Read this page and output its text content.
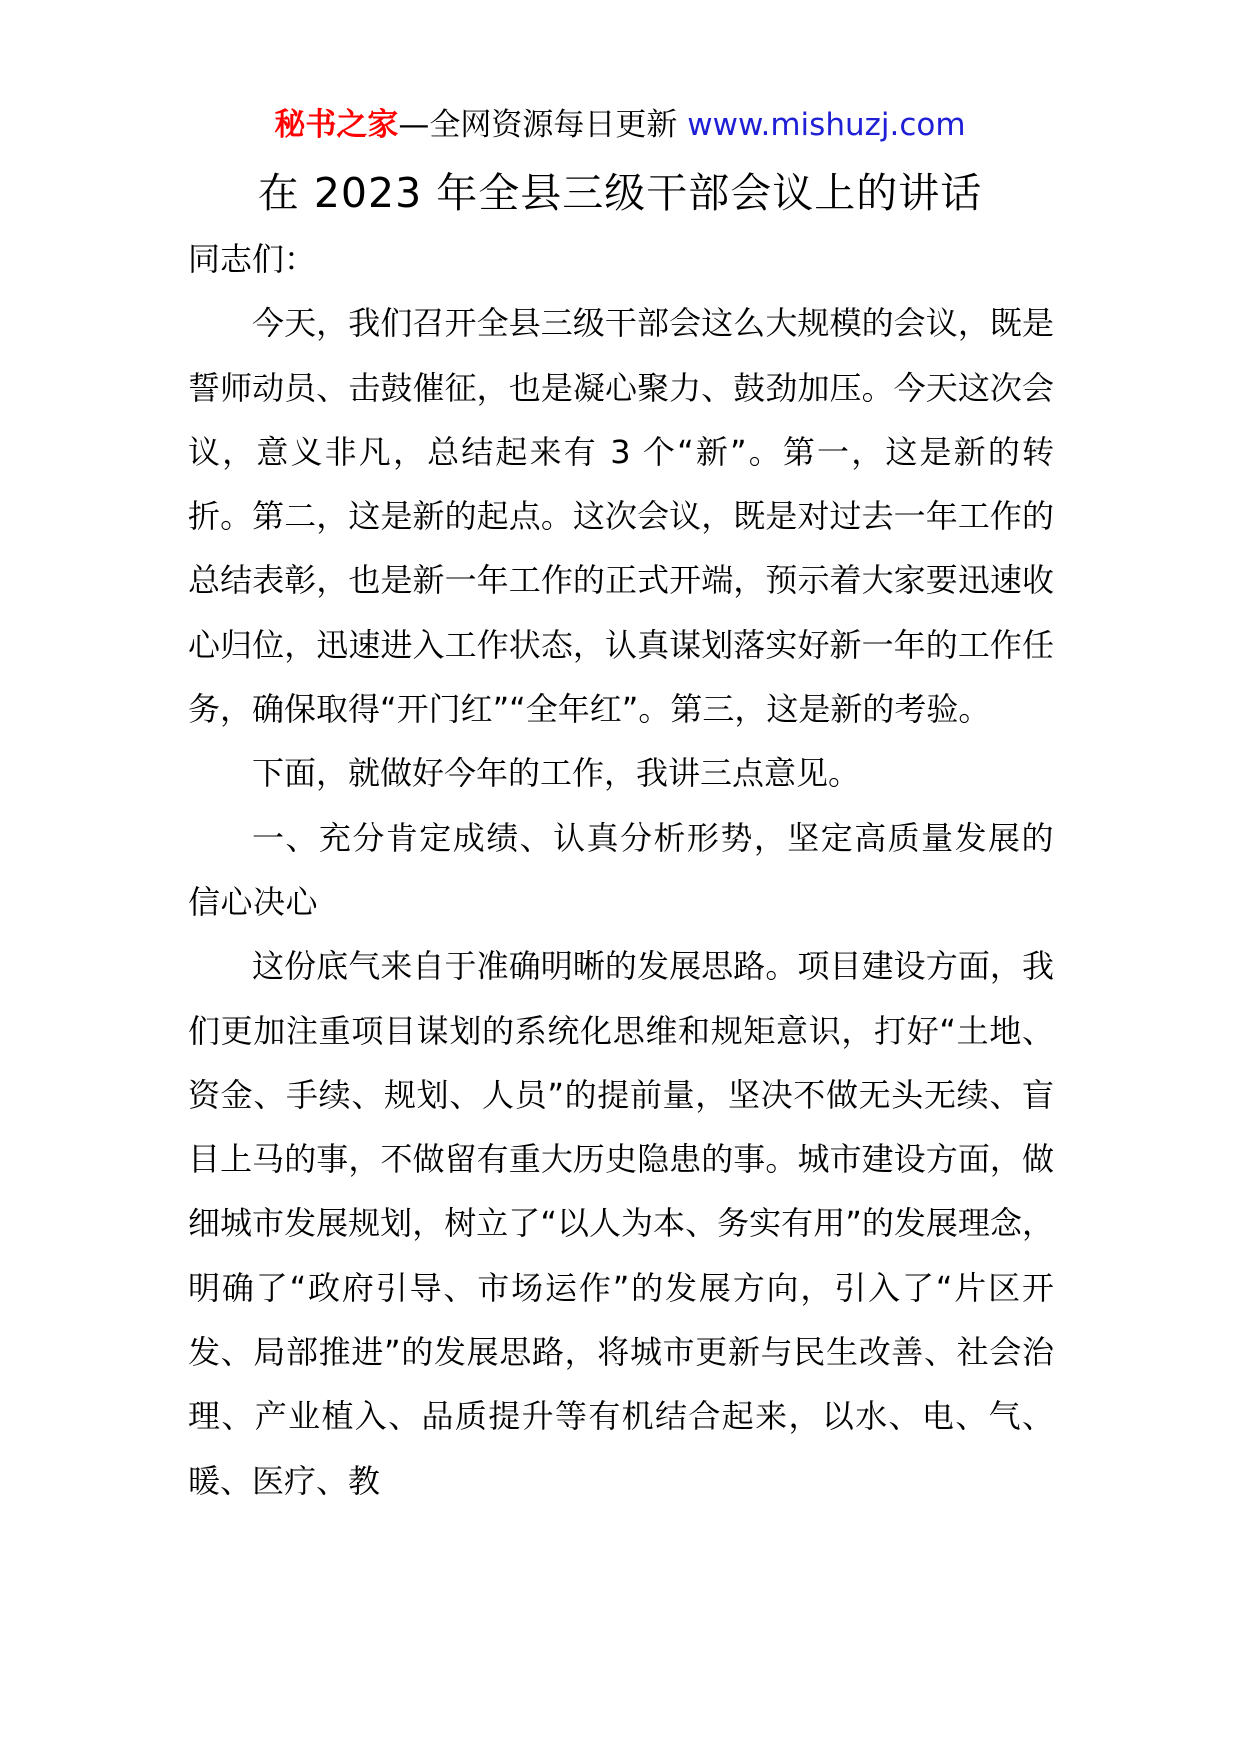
秘书之家—全网资源每日更新 www.mishuzj.com
在 2023 年全县三级干部会议上的讲话

同志们：

今天，我们召开全县三级干部会这么大规模的会议，既是誓师动员、击鼓催征，也是凝心聚力、鼓劲加压。今天这次会议，意义非凡，总结起来有 3 个“新”。第一，这是新的转折。第二，这是新的起点。这次会议，既是对过去一年工作的总结表彰，也是新一年工作的正式开端，预示着大家要迅速收心归位，迅速进入工作状态，认真谋划落实好新一年的工作任务，确保取得“开门红”“全年红”。第三，这是新的考验。

下面，就做好今年的工作，我讲三点意见。

一、充分肯定成绩、认真分析形势，坚定高质量发展的信心决心

这份底气来自于准确明晰的发展思路。项目建设方面，我们更加注重项目谋划的系统化思维和规矩意识，打好“土地、资金、手续、规划、人员”的提前量，坚决不做无头无续、盲目上马的事，不做留有重大历史隐患的事。城市建设方面，做细城市发展规划，树立了“以人为本、务实有用”的发展理念，明确了“政府引导、市场运作”的发展方向，引入了“片区开发、局部推进”的发展思路，将城市更新与民生改善、社会治理、产业植入、品质提升等有机结合起来，以水、电、气、暖、医疗、教
